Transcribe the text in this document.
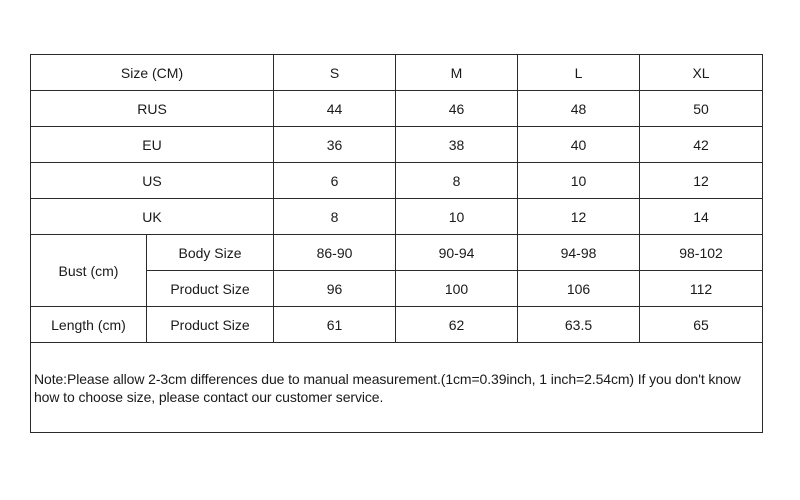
Size (CM)		S	M	L	XL
RUS		44	46	48	50
EU		36	38	40	42
US		6	8	10	12
UK		8	10	12	14
Bust (cm)	Body Size	86-90	90-94	94-98	98-102
	Product Size	96	100	106	112
Length (cm)	Product Size	61	62	63.5	65
Note:Please allow 2-3cm differences due to manual measurement.(1cm=0.39inch, 1 inch=2.54cm) If you don't know how to choose size, please contact our customer service.					
